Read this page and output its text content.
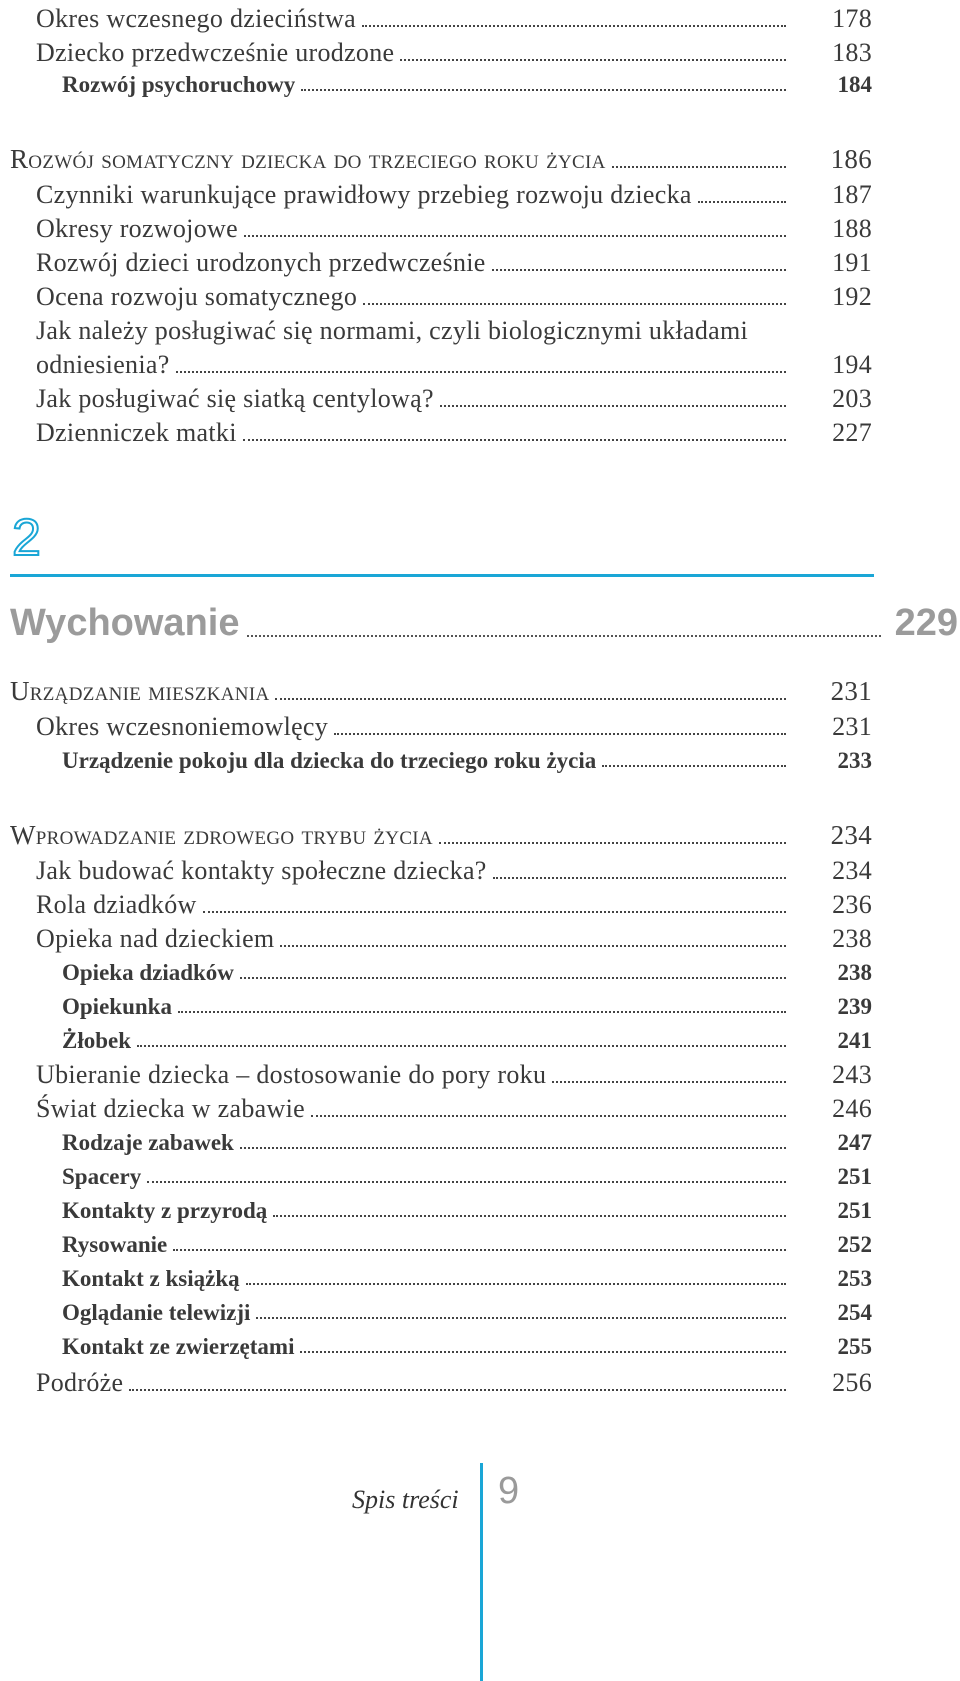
Okres wczesnego dzieciństwa	178
Dziecko przedwcześnie urodzone	183
Rozwój psychoruchowy	184
Rozwój somatyczny dziecka do trzeciego roku życia	186
Czynniki warunkujące prawidłowy przebieg rozwoju dziecka	187
Okresy rozwojowe	188
Rozwój dzieci urodzonych przedwcześnie	191
Ocena rozwoju somatycznego	192
Jak należy posługiwać się normami, czyli biologicznymi układami
odniesienia?	194
Jak posługiwać się siatką centylową?	203
Dzienniczek matki	227
2
Wychowanie	229
Urządzanie mieszkania	231
Okres wczesnoniemowlęcy	231
Urządzenie pokoju dla dziecka do trzeciego roku życia	233
Wprowadzanie zdrowego trybu życia	234
Jak budować kontakty społeczne dziecka?	234
Rola dziadków	236
Opieka nad dzieckiem	238
Opieka dziadków	238
Opiekunka	239
Żłobek	241
Ubieranie dziecka – dostosowanie do pory roku	243
Świat dziecka w zabawie	246
Rodzaje zabawek	247
Spacery	251
Kontakty z przyrodą	251
Rysowanie	252
Kontakt z książką	253
Oglądanie telewizji	254
Kontakt ze zwierzętami	255
Podróże	256
Spis treści 9
